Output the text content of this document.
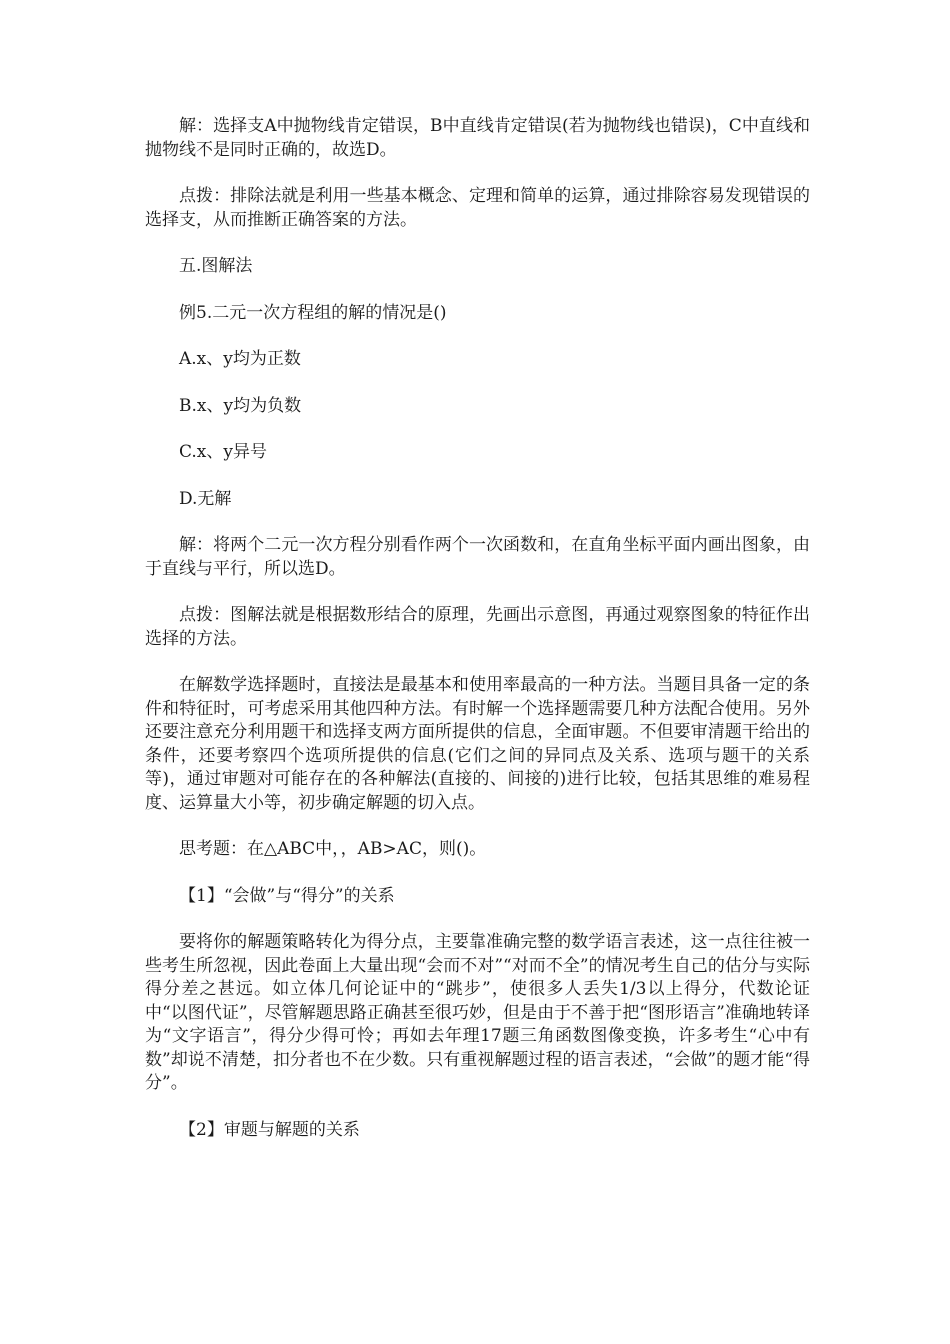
解：选择支A中抛物线肯定错误，B中直线肯定错误(若为抛物线也错误)，C中直线和抛物线不是同时正确的，故选D。

点拨：排除法就是利用一些基本概念、定理和简单的运算，通过排除容易发现错误的选择支，从而推断正确答案的方法。

五.图解法

例5.二元一次方程组的解的情况是()

A.x、y均为正数

B.x、y均为负数

C.x、y异号

D.无解

解：将两个二元一次方程分别看作两个一次函数和，在直角坐标平面内画出图象，由于直线与平行，所以选D。

点拨：图解法就是根据数形结合的原理，先画出示意图，再通过观察图象的特征作出选择的方法。

在解数学选择题时，直接法是最基本和使用率最高的一种方法。当题目具备一定的条件和特征时，可考虑采用其他四种方法。有时解一个选择题需要几种方法配合使用。另外还要注意充分利用题干和选择支两方面所提供的信息，全面审题。不但要审清题干给出的条件，还要考察四个选项所提供的信息(它们之间的异同点及关系、选项与题干的关系等)，通过审题对可能存在的各种解法(直接的、间接的)进行比较，包括其思维的难易程度、运算量大小等，初步确定解题的切入点。

思考题：在△ABC中，，AB>AC，则()。

【1】“会做”与“得分”的关系

要将你的解题策略转化为得分点，主要靠准确完整的数学语言表述，这一点往往被一些考生所忽视，因此卷面上大量出现“会而不对”“对而不全”的情况考生自己的估分与实际得分差之甚远。如立体几何论证中的“跳步”，使很多人丢失1/3以上得分，代数论证中“以图代证”，尽管解题思路正确甚至很巧妙，但是由于不善于把“图形语言”准确地转译为“文字语言”，得分少得可怜；再如去年理17题三角函数图像变换，许多考生“心中有数”却说不清楚，扣分者也不在少数。只有重视解题过程的语言表述，“会做”的题才能“得分”。

【2】审题与解题的关系
